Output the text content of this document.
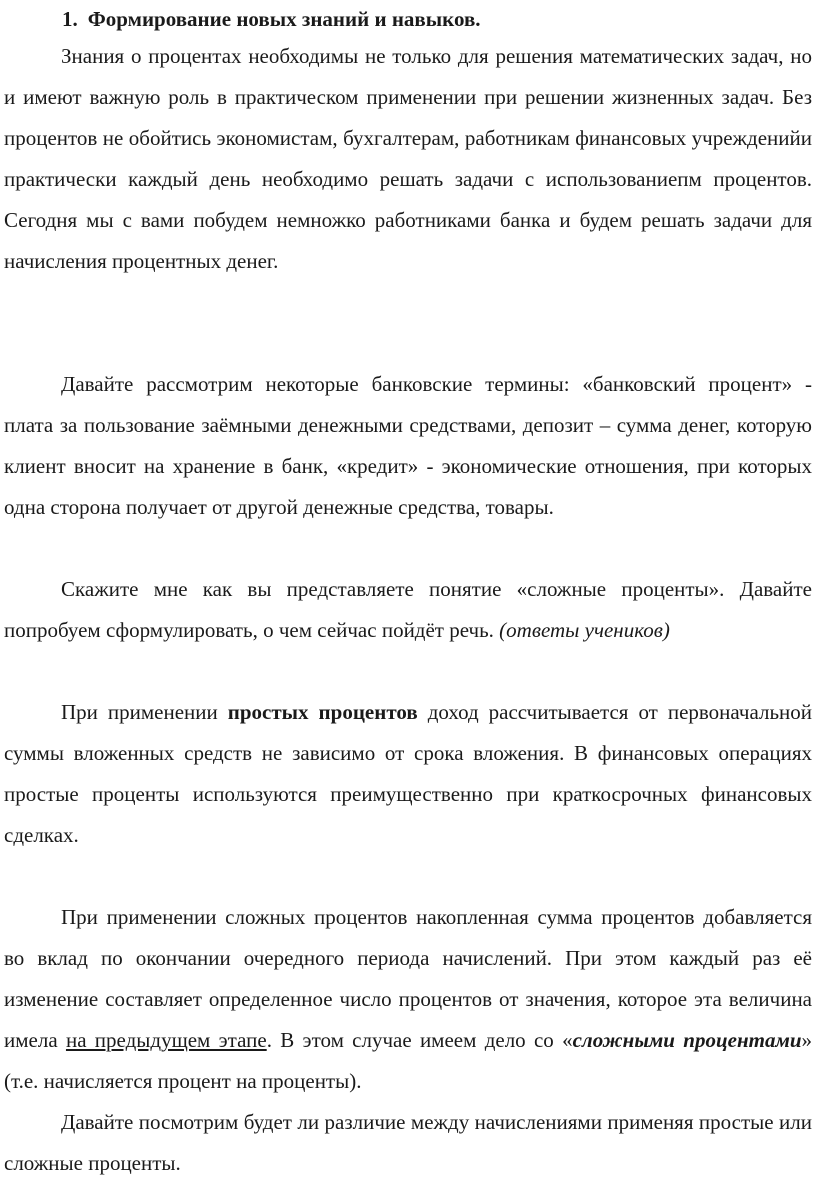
1. Формирование новых знаний и навыков.

Знания о процентах необходимы не только для решения математических задач, но и имеют важную роль в практическом применении при решении жизненных задач. Без процентов не обойтись экономистам, бухгалтерам, работникам финансовых учрежденийи практически каждый день необходимо решать задачи с использованиепм процентов. Сегодня мы с вами побудем немножко работниками банка и будем решать задачи для начисления процентных денег.

Давайте рассмотрим некоторые банковские термины: «банковский процент» - плата за пользование заёмными денежными средствами, депозит – сумма денег, которую клиент вносит на хранение в банк, «кредит» - экономические отношения, при которых одна сторона получает от другой денежные средства, товары.

Скажите мне как вы представляете понятие «сложные проценты». Давайте попробуем сформулировать, о чем сейчас пойдёт речь. (ответы учеников)

При применении простых процентов доход рассчитывается от первоначальной суммы вложенных средств не зависимо от срока вложения. В финансовых операциях простые проценты используются преимущественно при краткосрочных финансовых сделках.

При применении сложных процентов накопленная сумма процентов добавляется во вклад по окончании очередного периода начислений. При этом каждый раз её изменение составляет определенное число процентов от значения, которое эта величина имела на предыдущем этапе. В этом случае имеем дело со «сложными процентами» (т.е. начисляется процент на проценты).

Давайте посмотрим будет ли различие между начислениями применяя простые или сложные проценты.
